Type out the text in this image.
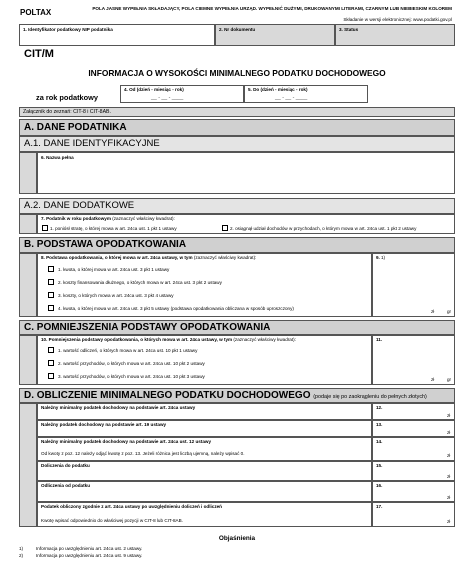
POLTAX	POLA JASNE WYPEŁNIA SKŁADAJĄCY, POLA CIEMNE WYPEŁNIA URZĄD. WYPEŁNIĆ DUŻYMI, DRUKOWANYMI LITERAMI, CZARNYM LUB NIEBIESKIM KOLOREM
Składanie w wersji elektronicznej: www.podatki.gov.pl
1. Identyfikator podatkowy NIP podatnika	2. Nr dokumentu	3. Status
CIT/M
INFORMACJA O WYSOKOŚCI MINIMALNEGO PODATKU DOCHODOWEGO
za rok podatkowy
4. Od (dzień - miesiąc - rok)
__ - __ - ____
5. Do (dzień - miesiąc - rok)
__ - __ - ____
Załącznik do zeznań: CIT-8 i CIT-8AB.
A. DANE PODATNIKA
A.1. DANE IDENTYFIKACYJNE
6. Nazwa pełna
A.2. DANE DODATKOWE
7. Podatnik w roku podatkowym (zaznaczyć właściwy kwadrat):
1. poniósł stratę, o której mowa w art. 24ca ust. 1 pkt 1 ustawy	2. osiągnął udział dochodów w przychodach, o którym mowa w art. 24ca ust. 1 pkt 2 ustawy
B. PODSTAWA OPODATKOWANIA
8. Podstawa opodatkowania, o której mowa w art. 24ca ustawy, w tym (zaznaczyć właściwy kwadrat):
1. kwota, o której mowa w art. 24ca ust. 3 pkt 1 ustawy
2. koszty finansowania dłużnego, o których mowa w art. 24ca ust. 3 pkt 2 ustawy
3. koszty, o których mowa w art. 24ca ust. 3 pkt 4 ustawy
4. kwota, o której mowa w art. 24ca ust. 3 pkt 5 ustawy (podstawa opodatkowania obliczana w sposób uproszczony)
9. 1)
zł	gr
C. POMNIEJSZENIA PODSTAWY OPODATKOWANIA
10. Pomniejszenia podstawy opodatkowania, o których mowa w art. 24ca ustawy, w tym (zaznaczyć właściwy kwadrat):
1. wartość odliczeń, o których mowa w art. 24ca ust. 10 pkt 1 ustawy
2. wartość przychodów, o których mowa w art. 24ca ust. 10 pkt 2 ustawy
3. wartość przychodów, o których mowa w art. 24ca ust. 10 pkt 3 ustawy
11.
zł	gr
D. OBLICZENIE MINIMALNEGO PODATKU DOCHODOWEGO (podaje się po zaokrągleniu do pełnych złotych)
Należny minimalny podatek dochodowy na podstawie art. 24ca ustawy	12.
zł
Należny podatek dochodowy na podstawie art. 19 ustawy	13.
zł
Należny minimalny podatek dochodowy na podstawie art. 24ca ust. 12 ustawy
Od kwoty z poz. 12 należy odjąć kwotę z poz. 13. Jeżeli różnica jest liczbą ujemną, należy wpisać 0.
14.
zł
Doliczenia do podatku	15.
zł
Odliczenia od podatku	16.
zł
Podatek obliczony zgodnie z art. 24ca ustawy po uwzględnieniu doliczeń i odliczeń
Kwotę wpisać odpowiednio do właściwej pozycji w CIT-8 lub CIT-8AB.
17.
zł
Objaśnienia
1)	Informacja po uwzględnieniu art. 24ca ust. 2 ustawy.
2)	Informacja po uwzględnieniu art. 24ca ust. 9 ustawy.
